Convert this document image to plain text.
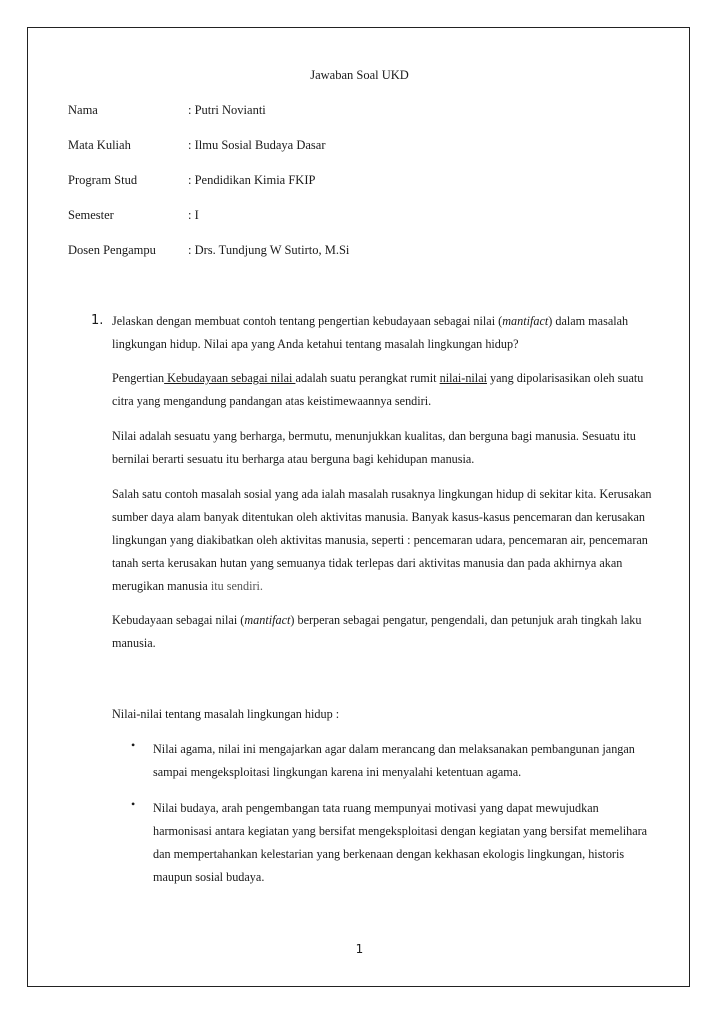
Jawaban Soal UKD
Nama	: Putri Novianti
Mata Kuliah	: Ilmu Sosial Budaya Dasar
Program Stud	: Pendidikan Kimia FKIP
Semester	: I
Dosen Pengampu	: Drs. Tundjung W Sutirto, M.Si
1. Jelaskan dengan membuat contoh tentang pengertian kebudayaan sebagai nilai (mantifact) dalam masalah lingkungan hidup. Nilai apa yang Anda ketahui tentang masalah lingkungan hidup?
Pengertian Kebudayaan sebagai nilai adalah suatu perangkat rumit nilai-nilai yang dipolarisasikan oleh suatu citra yang mengandung pandangan atas keistimewaannya sendiri.
Nilai adalah sesuatu yang berharga, bermutu, menunjukkan kualitas, dan berguna bagi manusia. Sesuatu itu bernilai berarti sesuatu itu berharga atau berguna bagi kehidupan manusia.
Salah satu contoh masalah sosial yang ada ialah masalah rusaknya lingkungan hidup di sekitar kita. Kerusakan sumber daya alam banyak ditentukan oleh aktivitas manusia. Banyak kasus-kasus pencemaran dan kerusakan lingkungan yang diakibatkan oleh aktivitas manusia, seperti : pencemaran udara, pencemaran air, pencemaran tanah serta kerusakan hutan yang semuanya tidak terlepas dari aktivitas manusia dan pada akhirnya akan merugikan manusia itu sendiri.
Kebudayaan sebagai nilai (mantifact) berperan sebagai pengatur, pengendali, dan petunjuk arah tingkah laku manusia.
Nilai-nilai tentang masalah lingkungan hidup :
• Nilai agama, nilai ini mengajarkan agar dalam merancang dan melaksanakan pembangunan jangan sampai mengeksploitasi lingkungan karena ini menyalahi ketentuan agama.
• Nilai budaya, arah pengembangan tata ruang mempunyai motivasi yang dapat mewujudkan harmonisasi antara kegiatan yang bersifat mengeksploitasi dengan kegiatan yang bersifat memelihara dan mempertahankan kelestarian yang berkenaan dengan kekhasan ekologis lingkungan, historis maupun sosial budaya.
1
